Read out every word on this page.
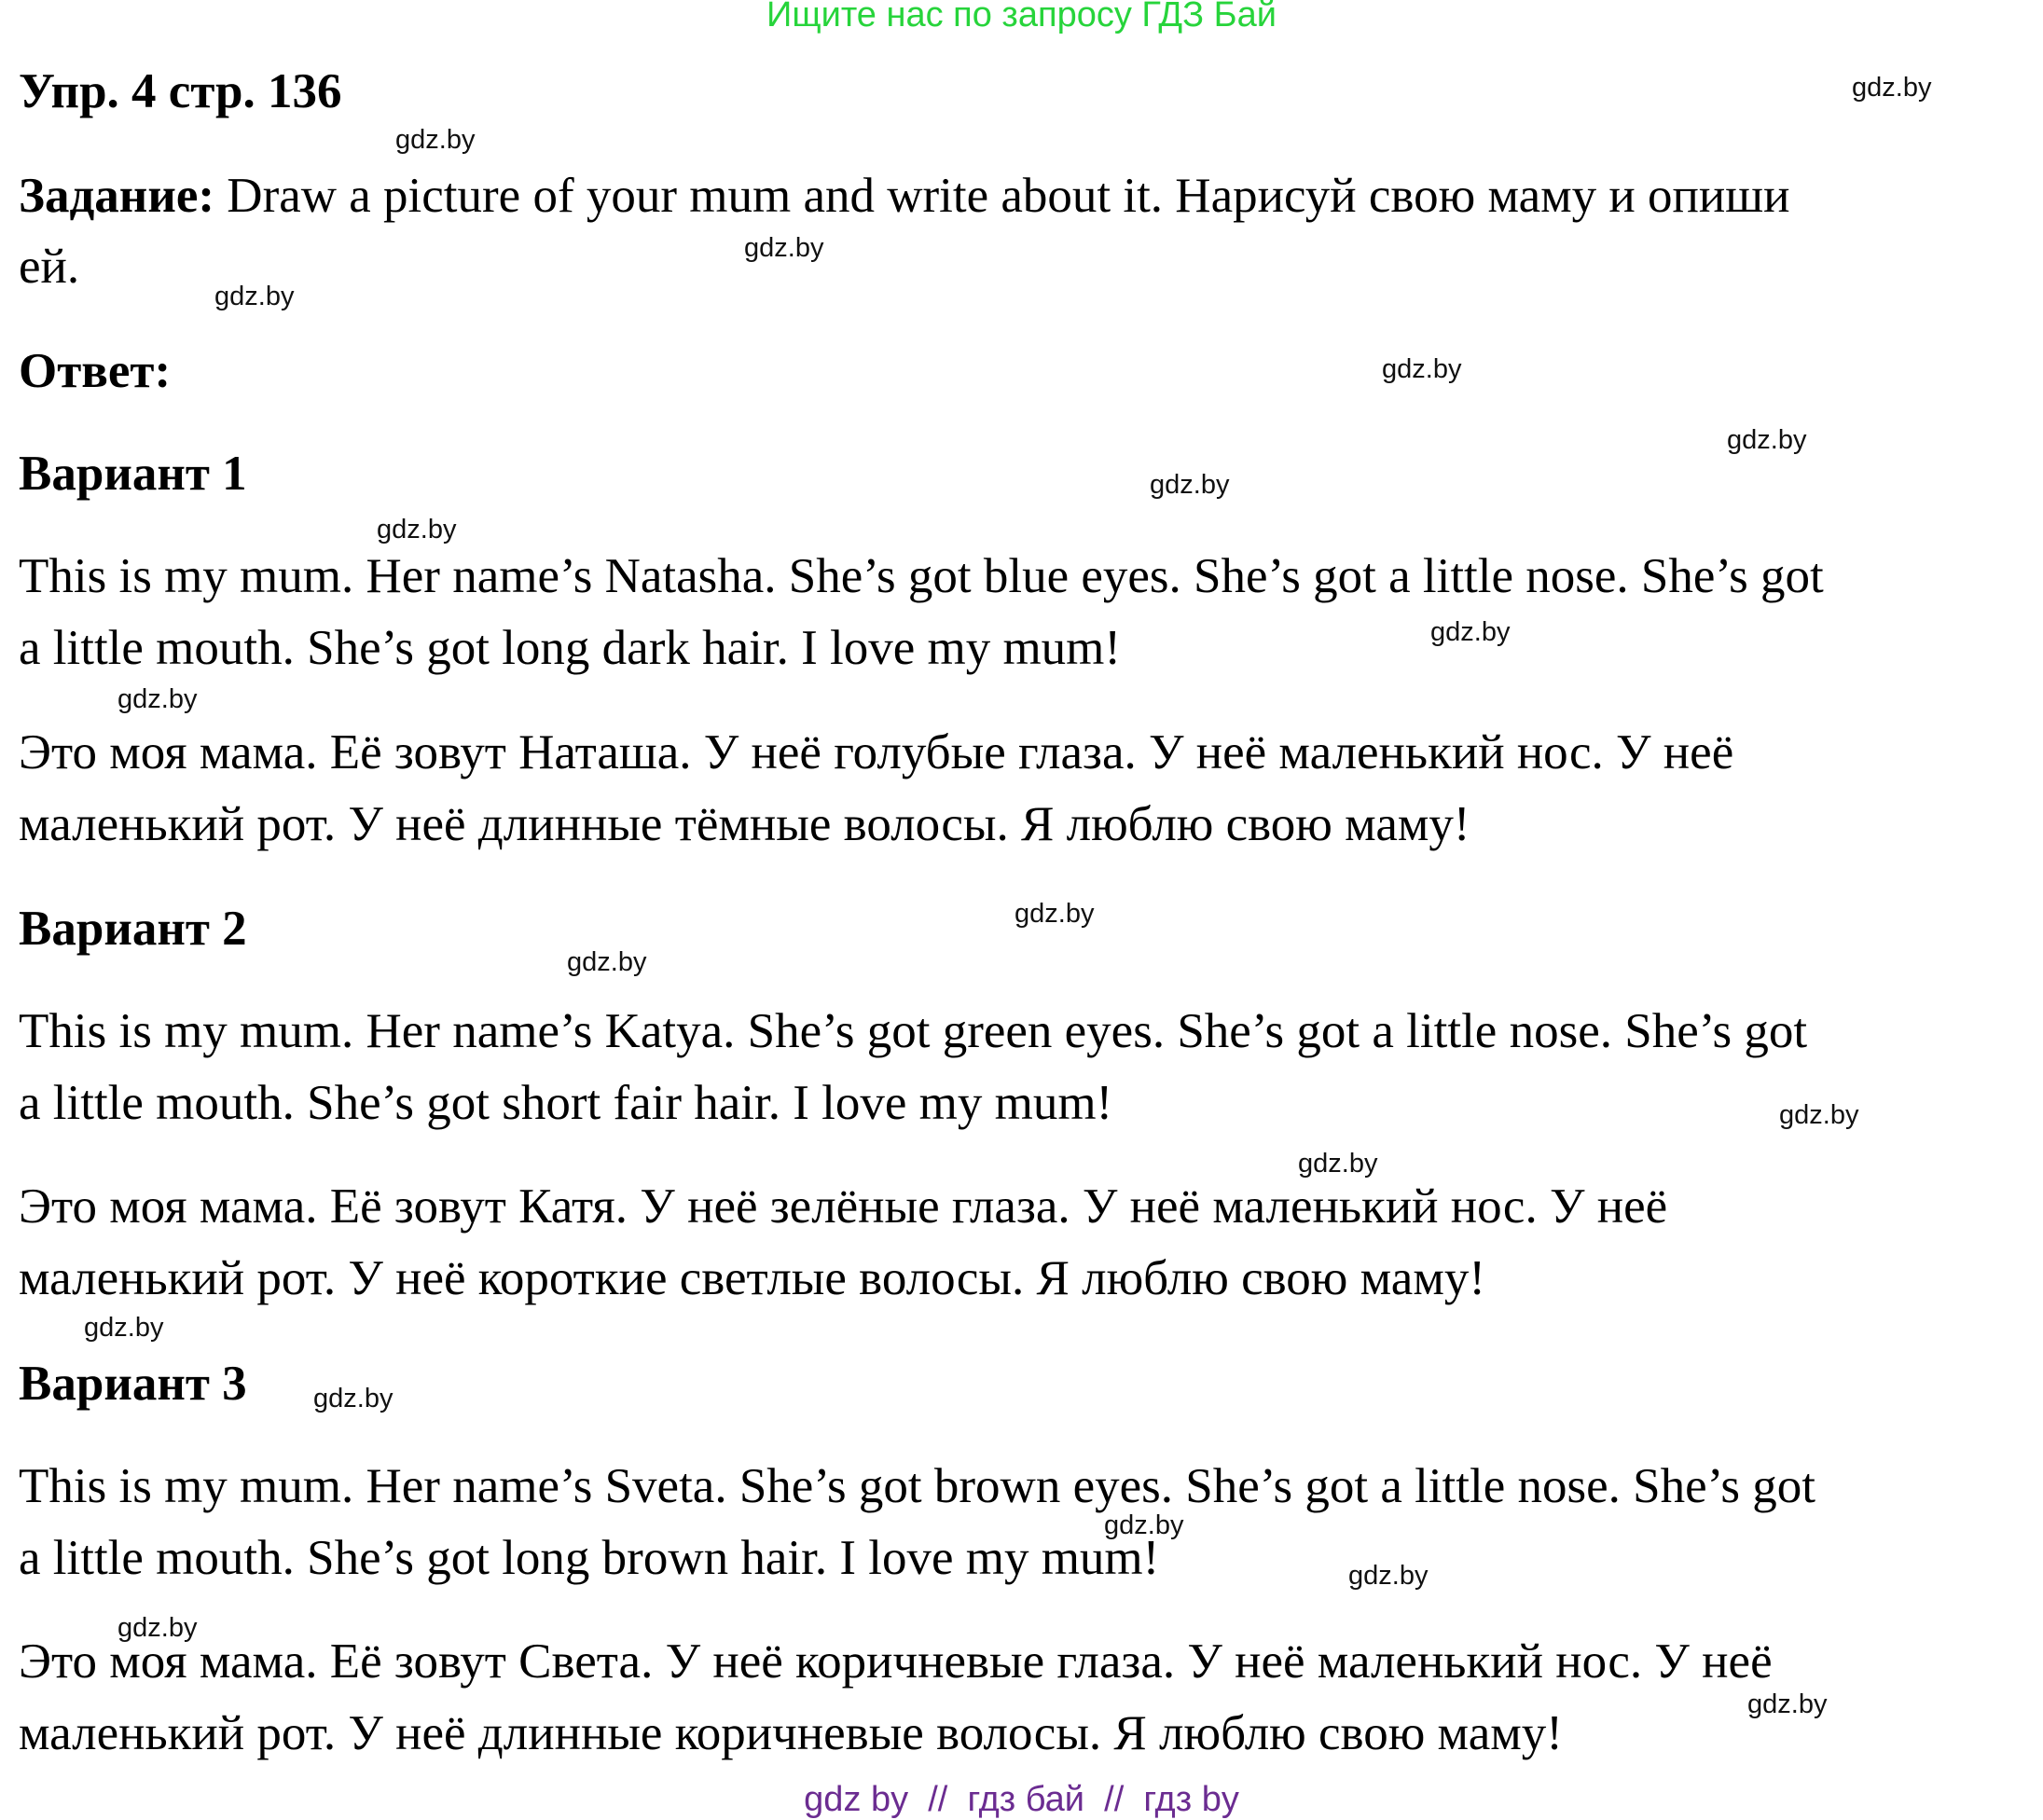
Ищите нас по запросу ГДЗ Бай
Упр. 4 стр. 136
Задание: Draw a picture of your mum and write about it. Нарисуй свою маму и опиши
ей.
Ответ:
Вариант 1
This is my mum. Her name’s Natasha. She’s got blue eyes. She’s got a little nose. She’s got
a little mouth. She’s got long dark hair. I love my mum!
Это моя мама. Её зовут Наташа. У неё голубые глаза. У неё маленький нос. У неё
маленький рот. У неё длинные тёмные волосы. Я люблю свою маму!
Вариант 2
This is my mum. Her name’s Katya. She’s got green eyes. She’s got a little nose. She’s got
a little mouth. She’s got short fair hair. I love my mum!
Это моя мама. Её зовут Катя. У неё зелёные глаза. У неё маленький нос. У неё
маленький рот. У неё короткие светлые волосы. Я люблю свою маму!
Вариант 3
This is my mum. Her name’s Sveta. She’s got brown eyes. She’s got a little nose. She’s got
a little mouth. She’s got long brown hair. I love my mum!
Это моя мама. Её зовут Света. У неё коричневые глаза. У неё маленький нос. У неё
маленький рот. У неё длинные коричневые волосы. Я люблю свою маму!
gdz.by
gdz.by
gdz.by
gdz.by
gdz.by
gdz.by
gdz.by
gdz.by
gdz.by
gdz.by
gdz.by
gdz.by
gdz.by
gdz.by
gdz.by
gdz.by
gdz.by
gdz.by
gdz.by
gdz.by
gdz by  //  гдз бай  //  гдз by
